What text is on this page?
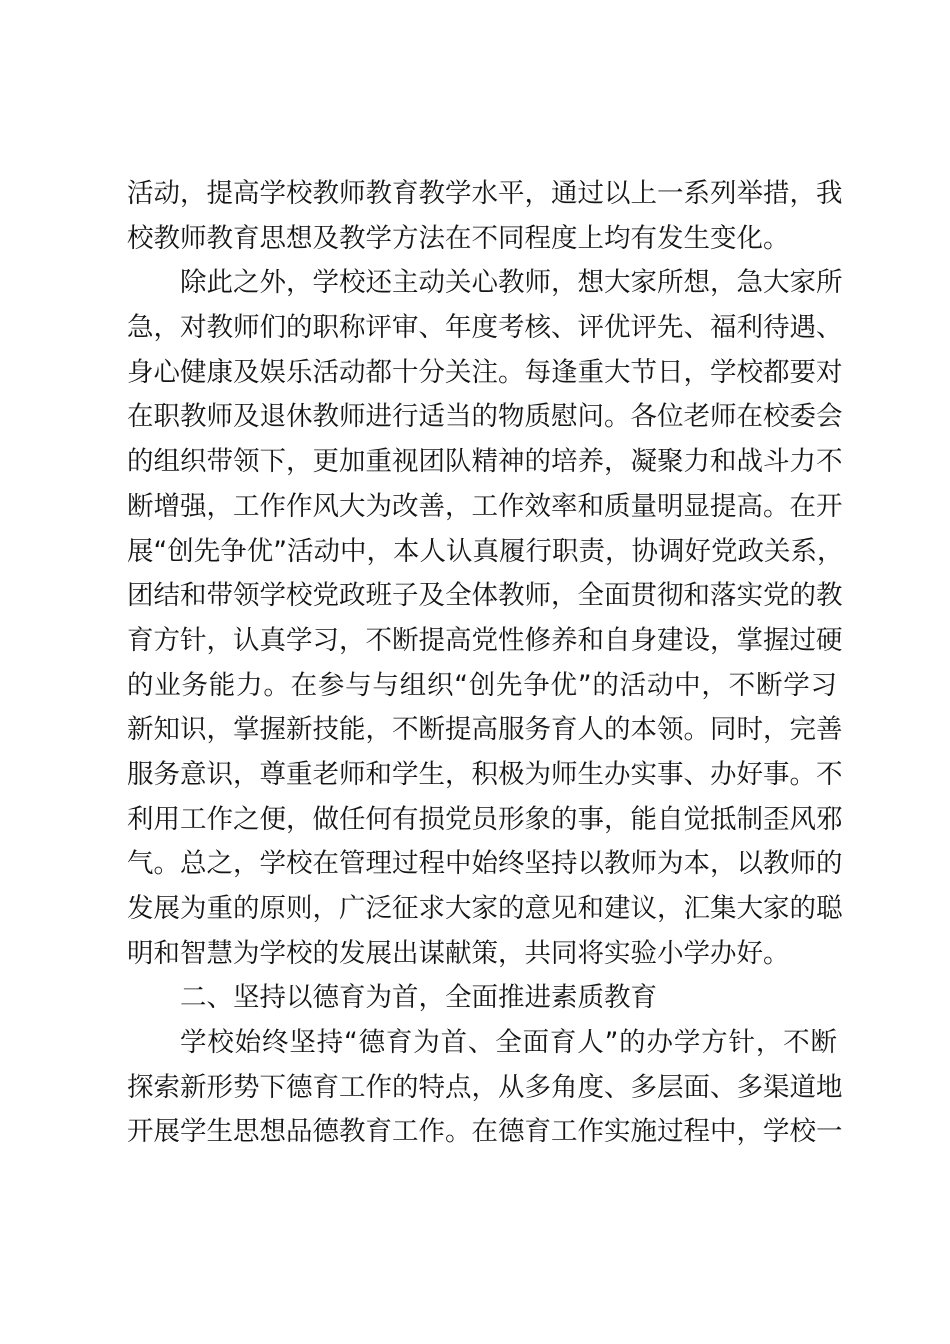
活动，提高学校教师教育教学水平，通过以上一系列举措，我
校教师教育思想及教学方法在不同程度上均有发生变化。
除此之外，学校还主动关心教师，想大家所想，急大家所
急，对教师们的职称评审、年度考核、评优评先、福利待遇、
身心健康及娱乐活动都十分关注。每逢重大节日，学校都要对
在职教师及退休教师进行适当的物质慰问。各位老师在校委会
的组织带领下，更加重视团队精神的培养，凝聚力和战斗力不
断增强，工作作风大为改善，工作效率和质量明显提高。在开
展“创先争优”活动中，本人认真履行职责，协调好党政关系，
团结和带领学校党政班子及全体教师，全面贯彻和落实党的教
育方针，认真学习，不断提高党性修养和自身建设，掌握过硬
的业务能力。在参与与组织“创先争优”的活动中，不断学习
新知识，掌握新技能，不断提高服务育人的本领。同时，完善
服务意识，尊重老师和学生，积极为师生办实事、办好事。不
利用工作之便，做任何有损党员形象的事，能自觉抵制歪风邪
气。总之，学校在管理过程中始终坚持以教师为本，以教师的
发展为重的原则，广泛征求大家的意见和建议，汇集大家的聪
明和智慧为学校的发展出谋献策，共同将实验小学办好。
二、坚持以德育为首，全面推进素质教育
学校始终坚持“德育为首、全面育人”的办学方针，不断
探索新形势下德育工作的特点，从多角度、多层面、多渠道地
开展学生思想品德教育工作。在德育工作实施过程中，学校一
